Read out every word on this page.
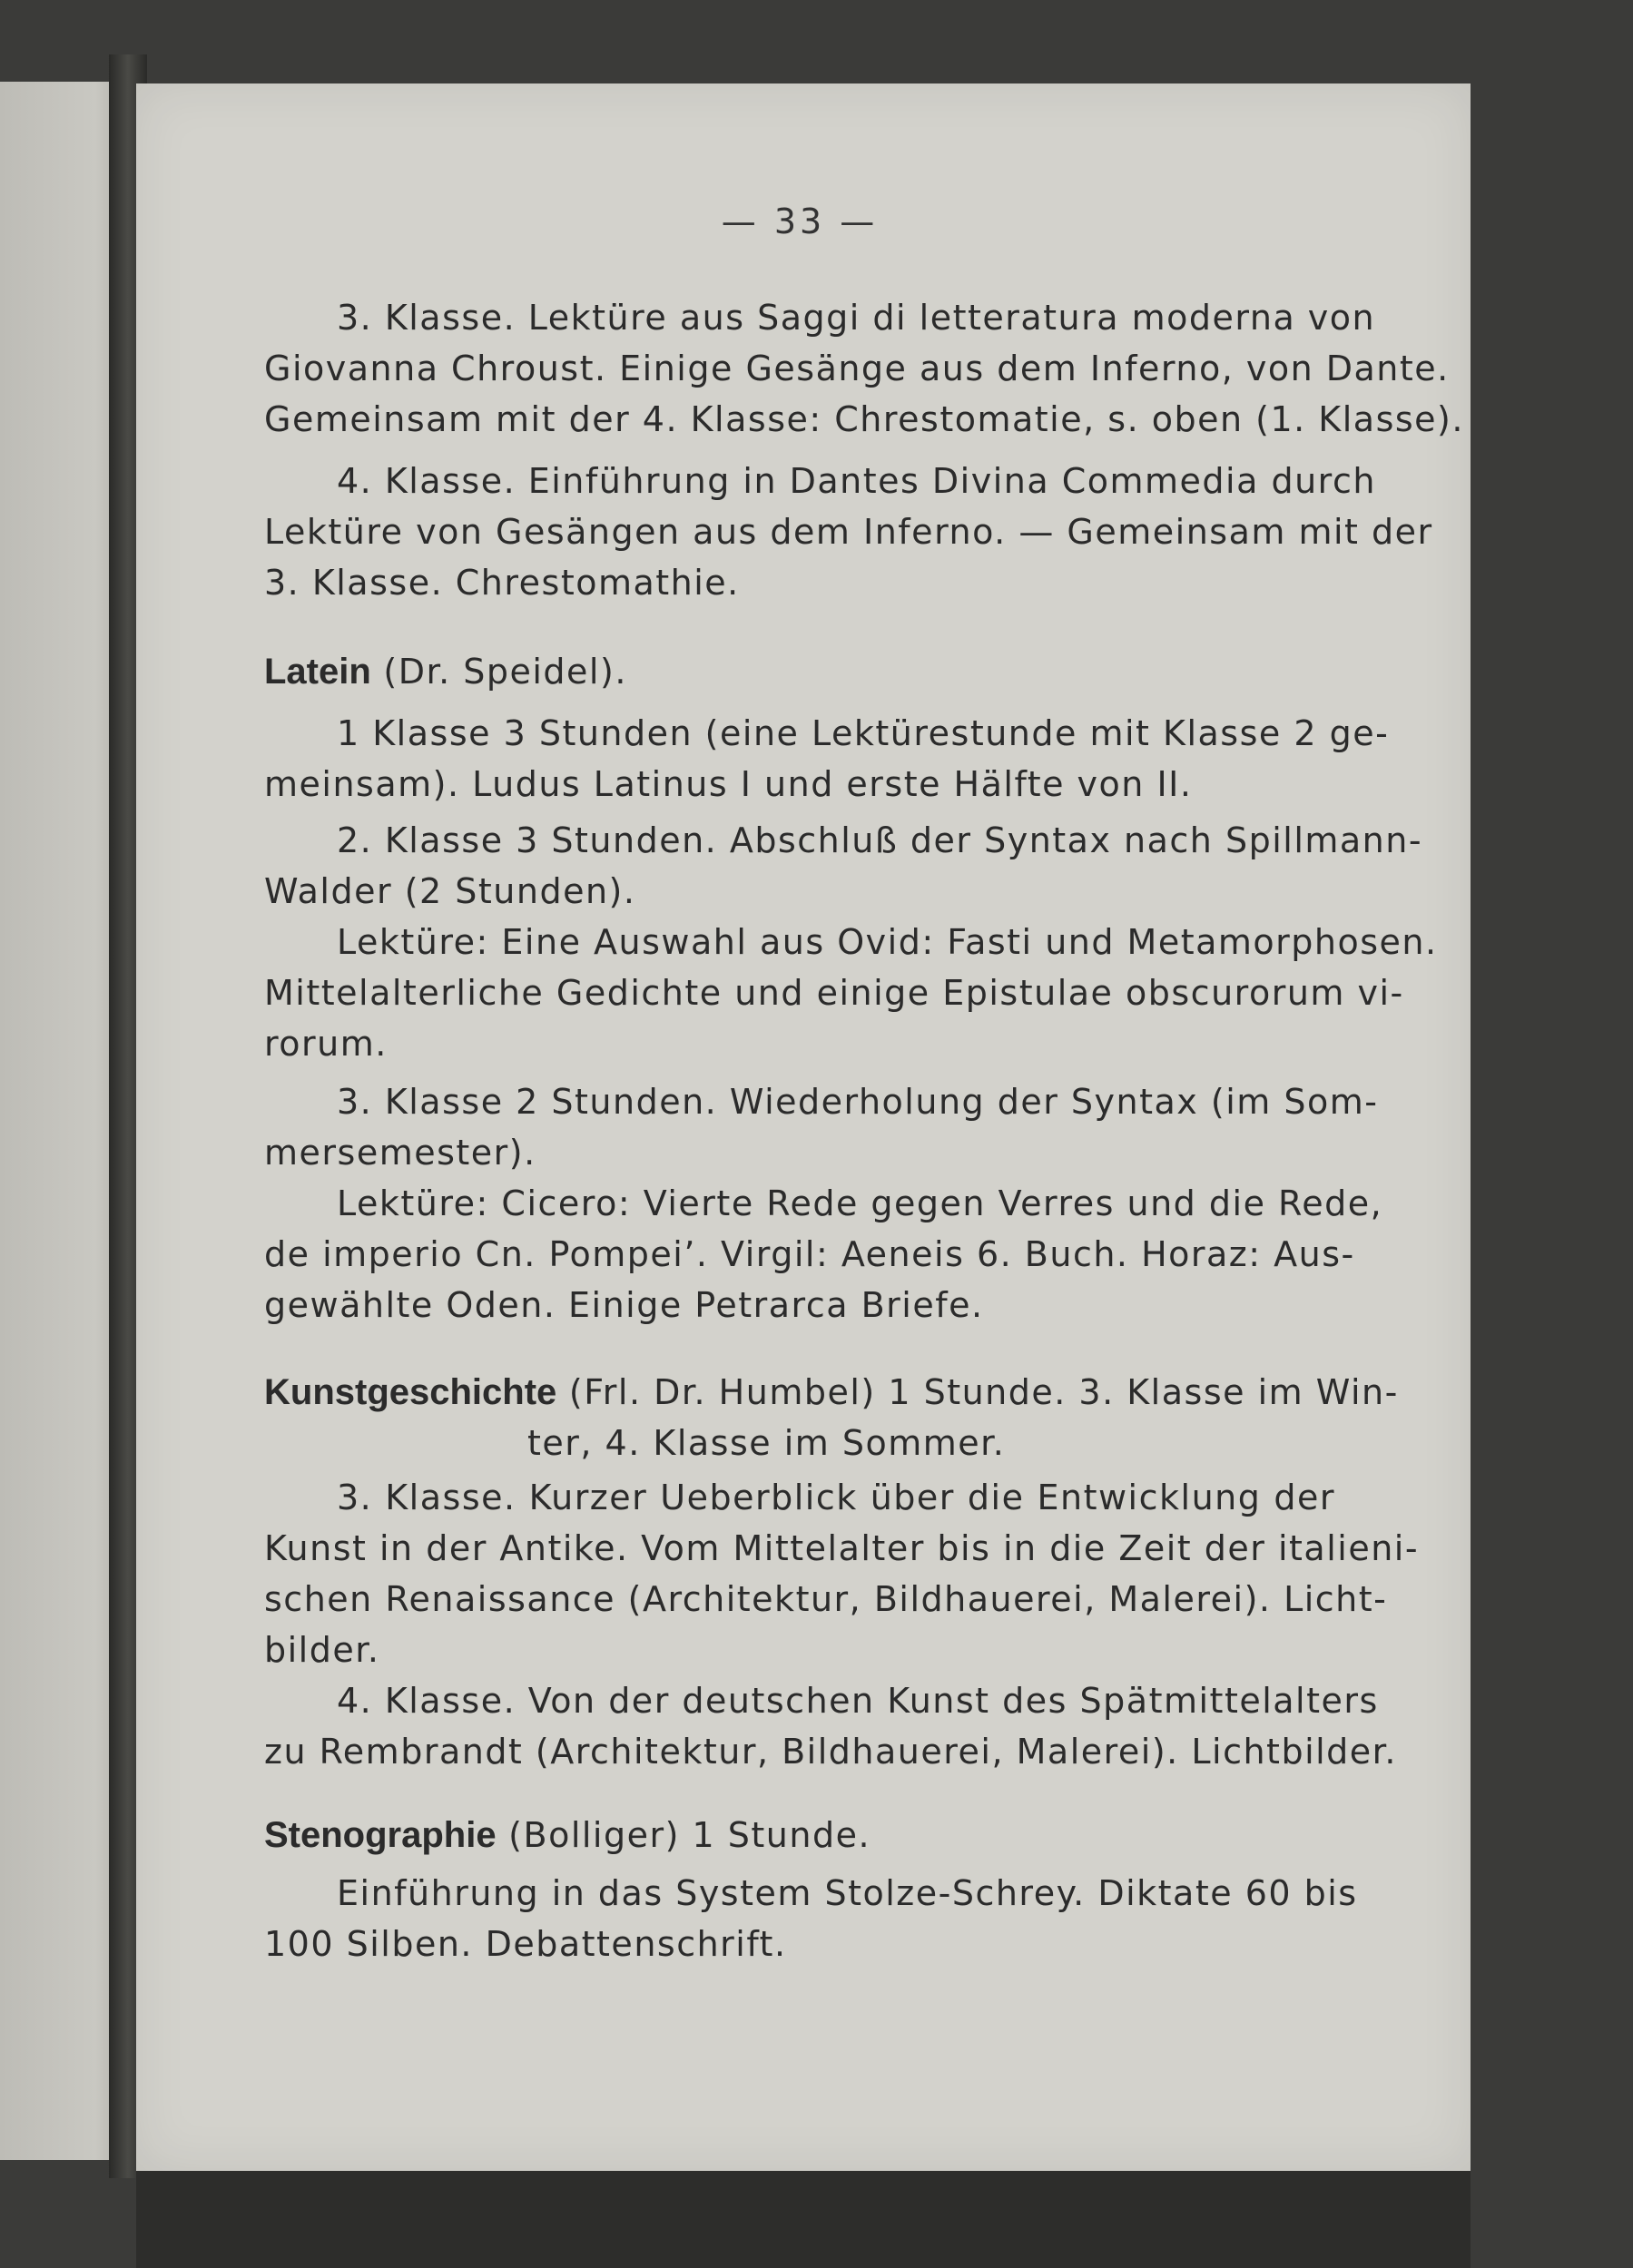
— 33 —
3. Klasse. Lektüre aus Saggi di letteratura moderna von
Giovanna Chroust. Einige Gesänge aus dem Inferno, von Dante.
Gemeinsam mit der 4. Klasse: Chrestomatie, s. oben (1. Klasse).
4. Klasse. Einführung in Dantes Divina Commedia durch
Lektüre von Gesängen aus dem Inferno. — Gemeinsam mit der
3. Klasse. Chrestomathie.
Latein (Dr. Speidel).
1 Klasse 3 Stunden (eine Lektürestunde mit Klasse 2 ge-
meinsam). Ludus Latinus I und erste Hälfte von II.
2. Klasse 3 Stunden. Abschluß der Syntax nach Spillmann-
Walder (2 Stunden).
Lektüre: Eine Auswahl aus Ovid: Fasti und Metamorphosen.
Mittelalterliche Gedichte und einige Epistulae obscurorum vi-
rorum.
3. Klasse 2 Stunden. Wiederholung der Syntax (im Som-
mersemester).
Lektüre: Cicero: Vierte Rede gegen Verres und die Rede,
de imperio Cn. Pompei’. Virgil: Aeneis 6. Buch. Horaz: Aus-
gewählte Oden. Einige Petrarca Briefe.
Kunstgeschichte (Frl. Dr. Humbel) 1 Stunde. 3. Klasse im Win-
ter, 4. Klasse im Sommer.
3. Klasse. Kurzer Ueberblick über die Entwicklung der
Kunst in der Antike. Vom Mittelalter bis in die Zeit der italieni-
schen Renaissance (Architektur, Bildhauerei, Malerei). Licht-
bilder.
4. Klasse. Von der deutschen Kunst des Spätmittelalters
zu Rembrandt (Architektur, Bildhauerei, Malerei). Lichtbilder.
Stenographie (Bolliger) 1 Stunde.
Einführung in das System Stolze-Schrey. Diktate 60 bis
100 Silben. Debattenschrift.
